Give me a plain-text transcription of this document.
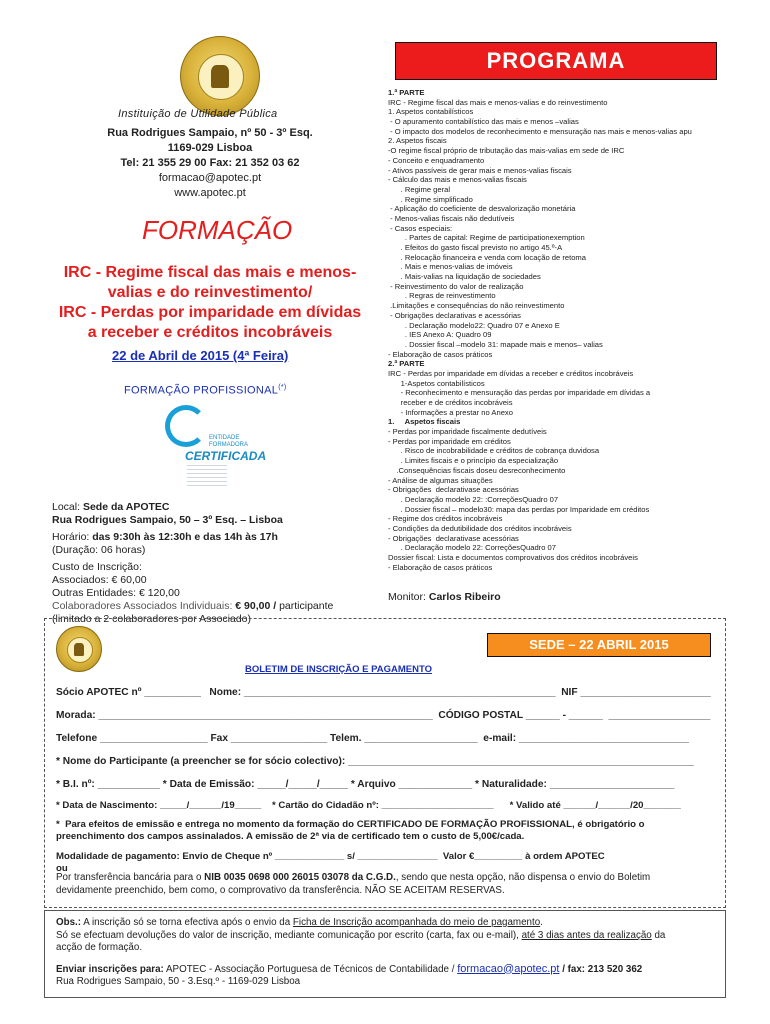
Instituição de Utilidade Pública
Rua Rodrigues Sampaio, nº 50 - 3º Esq.
1169-029 Lisboa
Tel: 21 355 29 00 Fax: 21 352 03 62
formacao@apotec.pt
www.apotec.pt
FORMAÇÃO
IRC - Regime fiscal das mais e menos-
valias e do reinvestimento/
IRC - Perdas por imparidade em dívidas
a receber e créditos incobráveis
22 de Abril de 2015 (4ª Feira)
FORMAÇÃO PROFISSIONAL(*)
ENTIDADE
FORMADORA
CERTIFICADA
Local: Sede da APOTEC
Rua Rodrigues Sampaio, 50 – 3º Esq. – Lisboa
Horário: das 9:30h às 12:30h e das 14h às 17h
(Duração: 06 horas)
Custo de Inscrição:
Associados: € 60,00
Outras Entidades: € 120,00
Colaboradores Associados Individuais: € 90,00 / participante
(limitado a 2 colaboradores por Associado)
PROGRAMA
1.ª PARTE
IRC - Regime fiscal das mais e menos-valias e do reinvestimento
1. Aspetos contabilísticos
- O apuramento contabilístico das mais e menos –valias
- O impacto dos modelos de reconhecimento e mensuração nas mais e menos-valias apu
2. Aspetos fiscais
-O regime fiscal próprio de tributação das mais-valias em sede de IRC
- Conceito e enquadramento
- Ativos passíveis de gerar mais e menos-valias fiscais
- Cálculo das mais e menos-valias fiscais
. Regime geral
. Regime simplificado
- Aplicação do coeficiente de desvalorização monetária
- Menos-valias fiscais não dedutíveis
- Casos especiais:
. Partes de capital: Regime de participationexemption
. Efeitos do gasto fiscal previsto no artigo 45.º-A
. Relocação financeira e venda com locação de retoma
. Mais e menos-valias de imóveis
. Mais-valias na liquidação de sociedades
- Reinvestimento do valor de realização
. Regras de reinvestimento
.Limitações e consequências do não reinvestimento
- Obrigações declarativas e acessórias
. Declaração modelo22: Quadro 07 e Anexo E
. IES Anexo A: Quadro 09
. Dossier fiscal –modelo 31: mapade mais e menos– valias
- Elaboração de casos práticos
2.ª PARTE
IRC - Perdas por imparidade em dívidas a receber e créditos incobráveis
1-Aspetos contabilísticos
- Reconhecimento e mensuração das perdas por imparidade em dívidas a
receber e de créditos incobráveis
- Informações a prestar no Anexo
1.     Aspetos fiscais
- Perdas por imparidade fiscalmente dedutíveis
- Perdas por imparidade em créditos
. Risco de incobrabilidade e créditos de cobrança duvidosa
. Limites fiscais e o princípio da especialização
.Consequências fiscais doseu desreconhecimento
- Análise de algumas situações
- Obrigações  declarativase acessórias
. Declaração modelo 22: :CorreçõesQuadro 07
. Dossier fiscal – modelo30: mapa das perdas por Imparidade em créditos
- Regime dos créditos incobráveis
- Condições da dedutibilidade dos créditos incobráveis
- Obrigações  declarativase acessórias
. Declaração modelo 22: CorreçõesQuadro 07
Dossier fiscal: Lista e documentos comprovativos dos créditos incobráveis
- Elaboração de casos práticos
Monitor: Carlos Ribeiro
SEDE – 22 ABRIL 2015
BOLETIM DE INSCRIÇÃO E PAGAMENTO
Sócio APOTEC nº __________   Nome: _______________________________________________________  NIF _______________________
Morada: ___________________________________________________________  CÓDIGO POSTAL ______ - ______  __________________
Telefone ___________________ Fax _________________ Telem. ____________________  e-mail: ______________________________
* Nome do Participante (a preencher se for sócio colectivo): _____________________________________________________________
* B.I. nº: ___________ * Data de Emissão: _____/_____/_____ * Arquivo _____________ * Naturalidade: ______________________
* Data de Nascimento: _____/______/19_____    * Cartão do Cidadão nº: _____________________      * Valido até ______/______/20_______
*  Para efeitos de emissão e entrega no momento da formação do CERTIFICADO DE FORMAÇÃO PROFISSIONAL, é obrigatório o
preenchimento dos campos assinalados. A emissão de 2ª via de certificado tem o custo de 5,00€/cada.
Modalidade de pagamento: Envio de Cheque nº _____________ s/ _______________  Valor €_________ à ordem APOTEC
ou
Por transferência bancária para o NIB 0035 0698 000 26015 03078 da C.G.D., sendo que nesta opção, não dispensa o envio do Boletim
devidamente preenchido, bem como, o comprovativo da transferência. NÃO SE ACEITAM RESERVAS.
Obs.: A inscrição só se torna efectiva após o envio da Ficha de Inscrição acompanhada do meio de pagamento.
Só se efectuam devoluções do valor de inscrição, mediante comunicação por escrito (carta, fax ou e-mail), até 3 dias antes da realização da
acção de formação.
Enviar inscrições para: APOTEC - Associação Portuguesa de Técnicos de Contabilidade / formacao@apotec.pt / fax: 213 520 362
Rua Rodrigues Sampaio, 50 - 3.Esq.º - 1169-029 Lisboa
